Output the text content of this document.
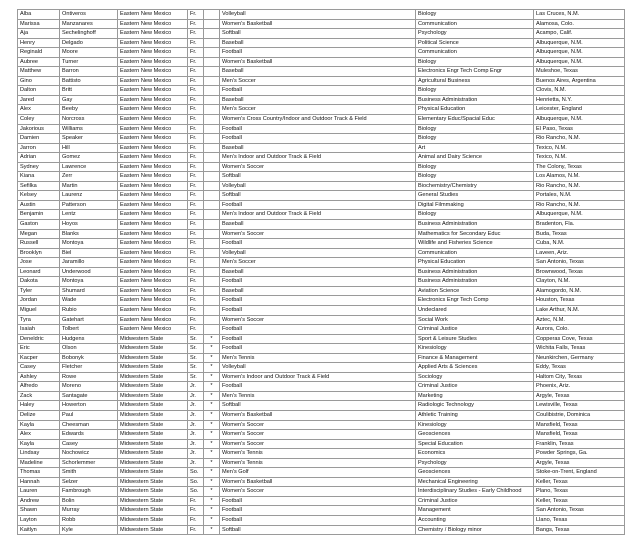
Alba	Ontiveros	Eastern New Mexico	Fr.		Volleyball	Biology	Las Cruces, N.M.
Marissa	Manzanares	Eastern New Mexico	Fr.		Women's Basketball	Communication	Alamosa, Colo.
Aja	Sechelinghoff	Eastern New Mexico	Fr.		Softball	Psychology	Acampo, Calif.
Henry	Delgado	Eastern New Mexico	Fr.		Baseball	Political Science	Albuquerque, N.M.
Reginald	Moore	Eastern New Mexico	Fr.		Football	Communication	Albuquerque, N.M.
Aubree	Turner	Eastern New Mexico	Fr.		Women's Basketball	Biology	Albuquerque, N.M.
Matthew	Barron	Eastern New Mexico	Fr.		Baseball	Electronics Engr Tech Comp Engr	Muleshoe, Texas
Gino	Battisto	Eastern New Mexico	Fr.		Men's Soccer	Agricultural Business	Buenos Aires, Argentina
Dalton	Britt	Eastern New Mexico	Fr.		Football	Biology	Clovis, N.M.
Jared	Gay	Eastern New Mexico	Fr.		Baseball	Business Administration	Henrietta, N.Y.
Alex	Beeby	Eastern New Mexico	Fr.		Men's Soccer	Physical Education	Leicester, England
Coley	Norcross	Eastern New Mexico	Fr.		Women's Cross Country/Indoor and Outdoor Track & Field	Elementary Educ/Spacial Educ	Albuquerque, N.M.
Jakorious	Williams	Eastern New Mexico	Fr.		Football	Biology	El Paso, Texas
Damien	Speaker	Eastern New Mexico	Fr.		Football	Biology	Rio Rancho, N.M.
Jarron	Hill	Eastern New Mexico	Fr.		Baseball	Art	Texico, N.M.
Adrian	Gomez	Eastern New Mexico	Fr.		Men's Indoor and Outdoor Track & Field	Animal and Dairy Science	Texico, N.M.
Sydney	Lawrence	Eastern New Mexico	Fr.		Women's Soccer	Biology	The Colony, Texas
Kiana	Zerr	Eastern New Mexico	Fr.		Softball	Biology	Los Alamos, N.M.
Sefilka	Martin	Eastern New Mexico	Fr.		Volleyball	Biochemistry/Chemistry	Rio Rancho, N.M.
Kelsey	Laurenz	Eastern New Mexico	Fr.		Softball	General Studies	Portales, N.M.
Austin	Patterson	Eastern New Mexico	Fr.		Football	Digital Filmmaking	Rio Rancho, N.M.
Benjamin	Lentz	Eastern New Mexico	Fr.		Men's Indoor and Outdoor Track & Field	Biology	Albuquerque, N.M.
Gaston	Hoyos	Eastern New Mexico	Fr.		Baseball	Business Administration	Bradenton, Fla.
Megan	Blanks	Eastern New Mexico	Fr.		Women's Soccer	Mathematics for Secondary Educ	Buda, Texas
Russell	Montoya	Eastern New Mexico	Fr.		Football	Wildlife and Fisheries Science	Cuba, N.M.
Brooklyn	Biel	Eastern New Mexico	Fr.		Volleyball	Communication	Laveen, Ariz.
Jose	Jaramillo	Eastern New Mexico	Fr.		Men's Soccer	Physical Education	San Antonio, Texas
Leonard	Underwood	Eastern New Mexico	Fr.		Baseball	Business Administration	Brownwood, Texas
Dakota	Montoya	Eastern New Mexico	Fr.		Football	Business Administration	Clayton, N.M.
Tyler	Shumard	Eastern New Mexico	Fr.		Baseball	Aviation Science	Alamogordo, N.M.
Jordan	Wade	Eastern New Mexico	Fr.		Football	Electronics Engr Tech Comp	Houston, Texas
Miguel	Rubio	Eastern New Mexico	Fr.		Football	Undeclared	Lake Arthur, N.M.
Tyra	Gatehart	Eastern New Mexico	Fr.		Women's Soccer	Social Work	Aztec, N.M.
Isaiah	Tolbert	Eastern New Mexico	Fr.		Football	Criminal Justice	Aurora, Colo.
Deneldric	Hudgens	Midwestern State	Sr.	*	Football	Sport & Leisure Studies	Copperas Cove, Texas
Eric	Olson	Midwestern State	Sr.	*	Football	Kinesiology	Wichita Falls, Texas
Kacper	Bobonyk	Midwestern State	Sr.	*	Men's Tennis	Finance & Management	Neunkirchen, Germany
Casey	Fletcher	Midwestern State	Sr.	*	Volleyball	Applied Arts & Sciences	Eddy, Texas
Ashley	Rowe	Midwestern State	Sr.	*	Women's Indoor and Outdoor Track & Field	Sociology	Haltom City, Texas
Alfredo	Moreno	Midwestern State	Jr.	*	Football	Criminal Justice	Phoenix, Ariz.
Zack	Santagate	Midwestern State	Jr.	*	Men's Tennis	Marketing	Argyle, Texas
Haley	Howerton	Midwestern State	Jr.	*	Softball	Radiologic Technology	Lewisville, Texas
Delize	Paul	Midwestern State	Jr.	*	Women's Basketball	Athletic Training	Coulibistrie, Dominica
Kayla	Cheesman	Midwestern State	Jr.	*	Women's Soccer	Kinesiology	Mansfield, Texas
Alex	Edwards	Midwestern State	Jr.	*	Women's Soccer	Geosciences	Mansfield, Texas
Kayla	Casey	Midwestern State	Jr.	*	Women's Soccer	Special Education	Franklin, Texas
Lindsay	Nochowicz	Midwestern State	Jr.	*	Women's Tennis	Economics	Powder Springs, Ga.
Madeline	Schorlemmer	Midwestern State	Jr.	*	Women's Tennis	Psychology	Argyle, Texas
Thomas	Smith	Midwestern State	So.	*	Men's Golf	Geosciences	Stoke-on-Trent, England
Hannah	Selzer	Midwestern State	So.	*	Women's Basketball	Mechanical Engineering	Keller, Texas
Lauren	Fambrough	Midwestern State	So.	*	Women's Soccer	Interdisciplinary Studies - Early Childhood	Plano, Texas
Andrew	Bolin	Midwestern State	Fr.	*	Football	Criminal Justice	Keller, Texas
Shawn	Murray	Midwestern State	Fr.	*	Football	Management	San Antonio, Texas
Layton	Robb	Midwestern State	Fr.	*	Football	Accounting	Llano, Texas
Kaitlyn	Kyle	Midwestern State	Fr.	*	Softball	Chemistry / Biology minor	Bangs, Texas
